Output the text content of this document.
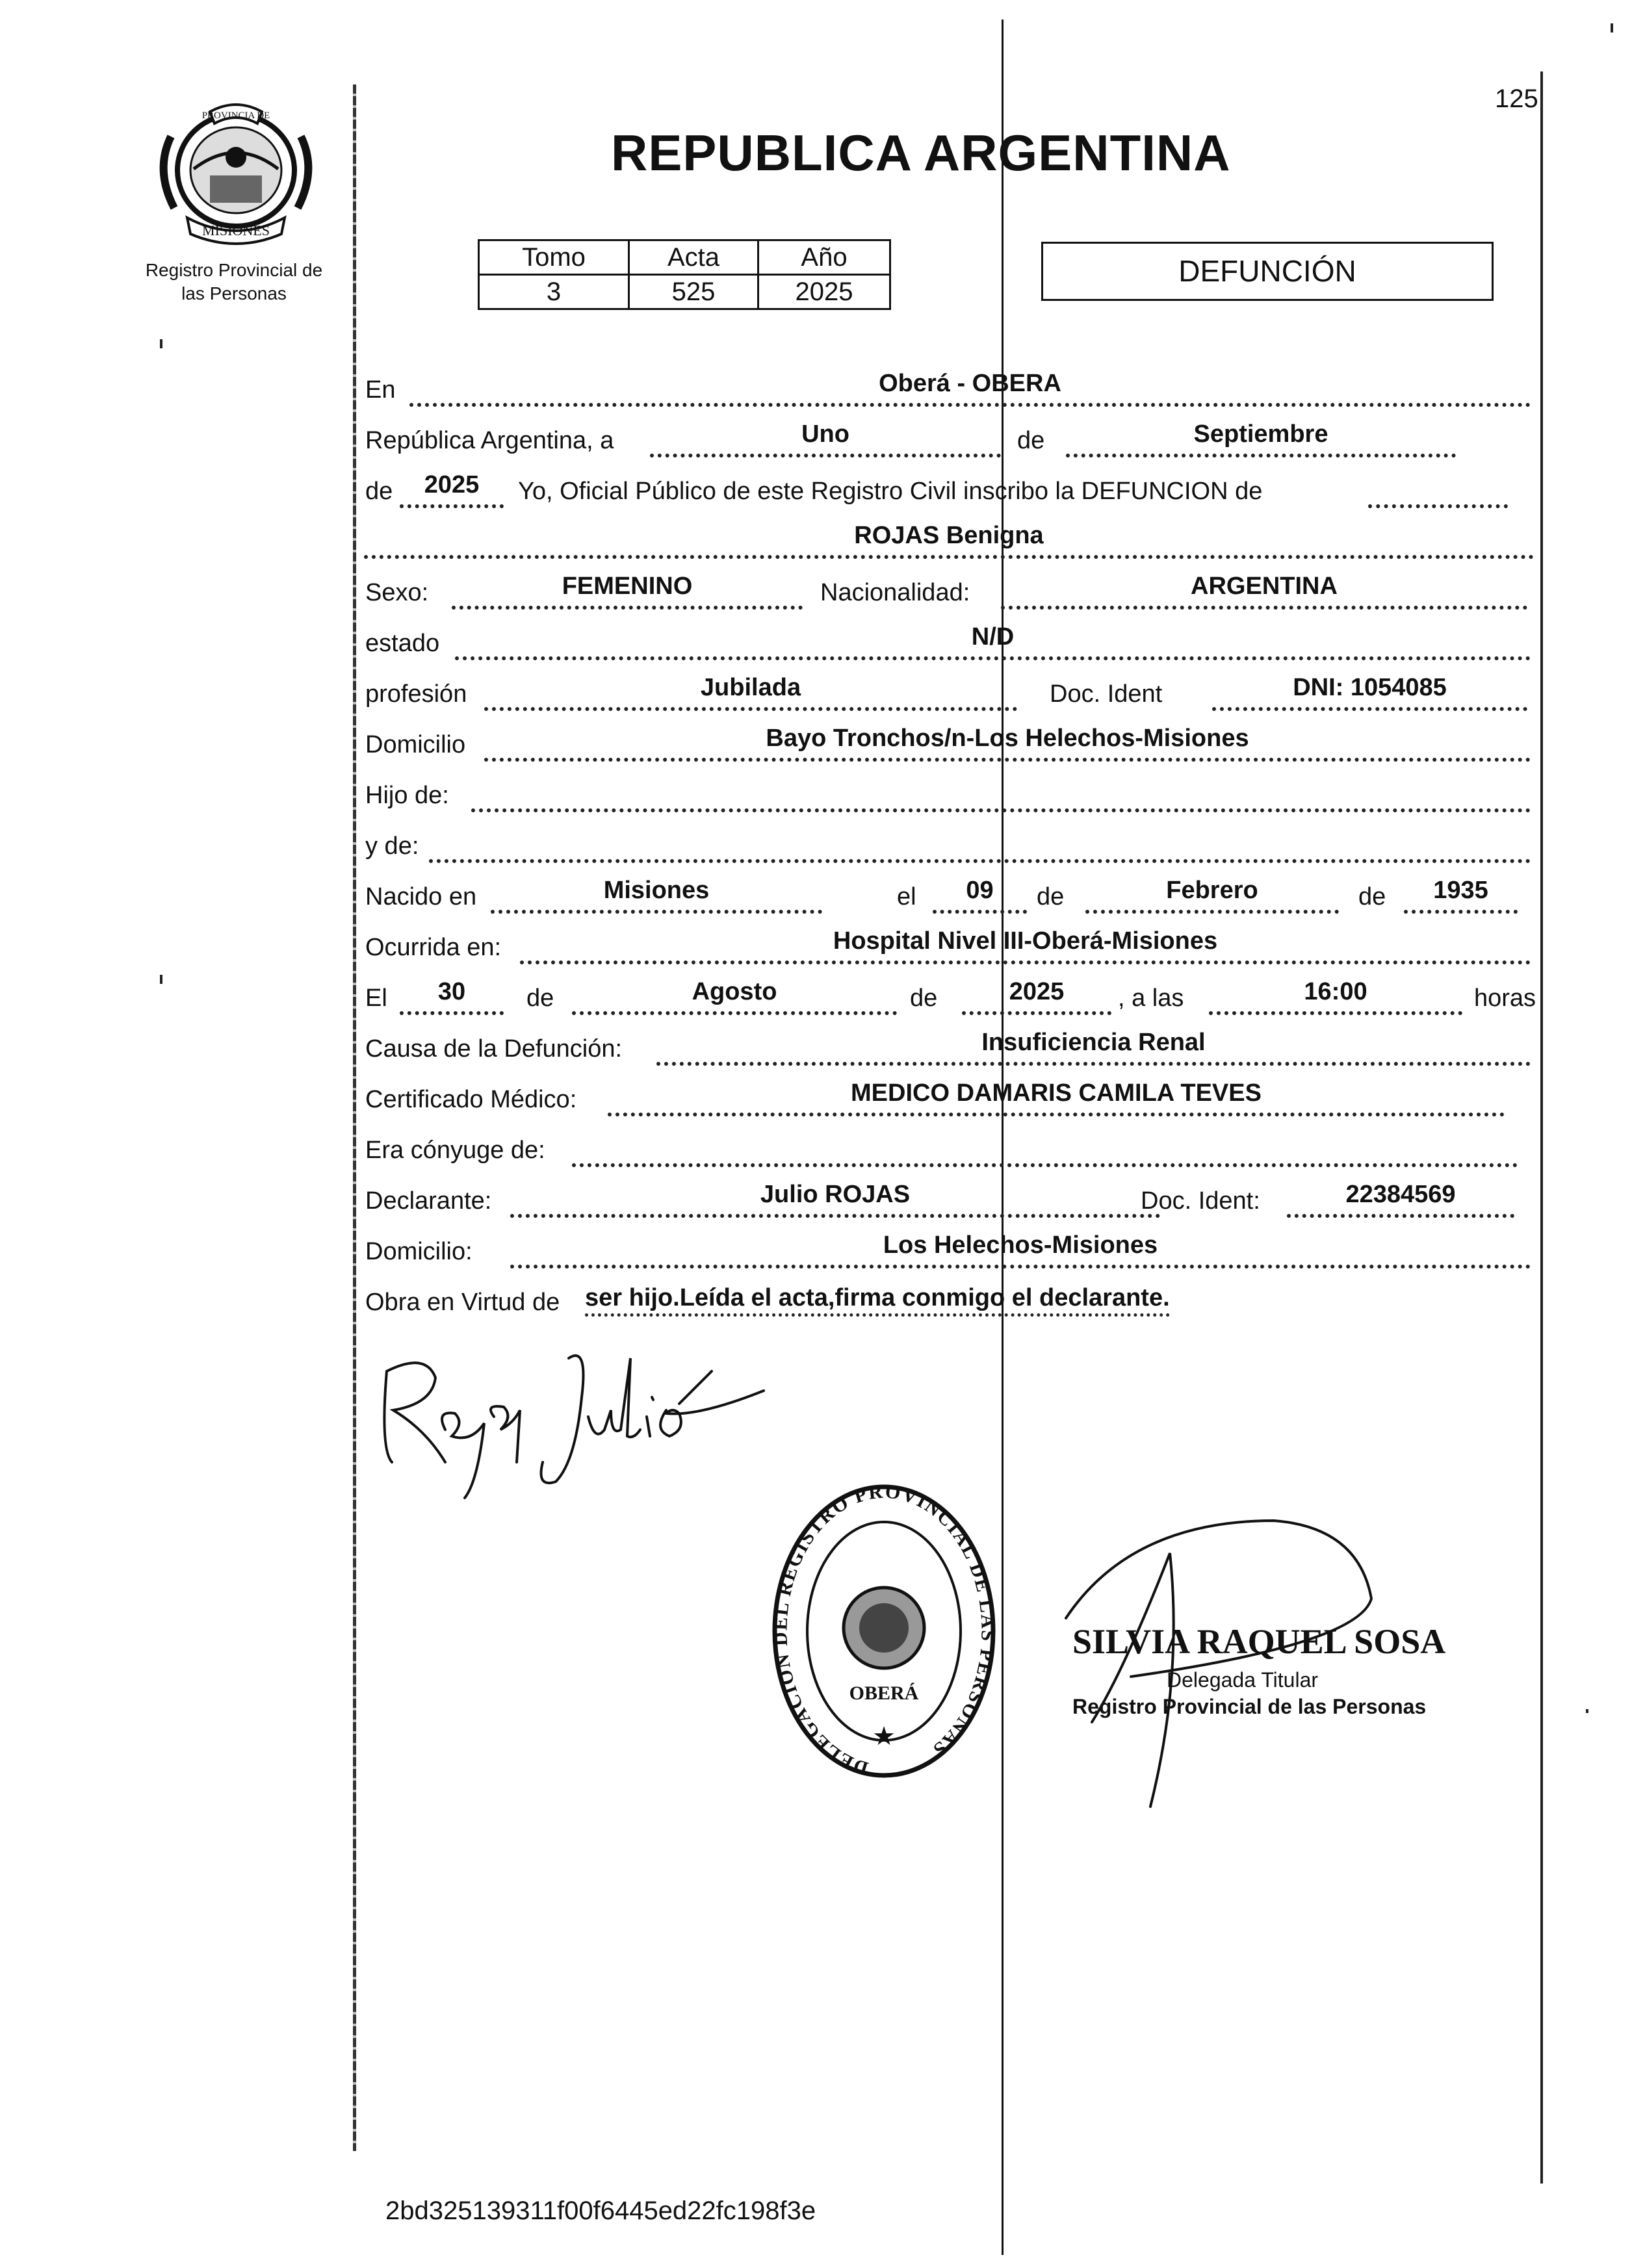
125
PROVINCIA DE
MISIONES
Registro Provincial de
las Personas
REPUBLICA ARGENTINA
Tomo	Acta	Año
3	525	2025
DEFUNCIÓN
En	Oberá - OBERA
República Argentina, a	Uno	de	Septiembre
de	2025	Yo, Oficial Público de este Registro Civil inscribo la DEFUNCION de
ROJAS Benigna
Sexo:	FEMENINO	Nacionalidad:	ARGENTINA
estado	N/D
profesión	Jubilada	Doc. Ident	DNI: 1054085
Domicilio	Bayo Tronchos/n-Los Helechos-Misiones
Hijo de:
y de:
Nacido en	Misiones	el	09	de	Febrero	de	1935
Ocurrida en:	Hospital Nivel III-Oberá-Misiones
El	30	de	Agosto	de	2025	, a las	16:00	horas
Causa de la Defunción:	Insuficiencia Renal
Certificado Médico:	MEDICO DAMARIS CAMILA TEVES
Era cónyuge de:
Declarante:	Julio ROJAS	Doc. Ident:	22384569
Domicilio:	Los Helechos-Misiones
Obra en Virtud de ser hijo.Leída el acta,firma conmigo el declarante.
DELEGACION DEL REGISTRO PROVINCIAL DE LAS PERSONAS
OBERÁ
★
SILVIA RAQUEL SOSA
Delegada Titular
Registro Provincial de las Personas
2bd325139311f00f6445ed22fc198f3e
